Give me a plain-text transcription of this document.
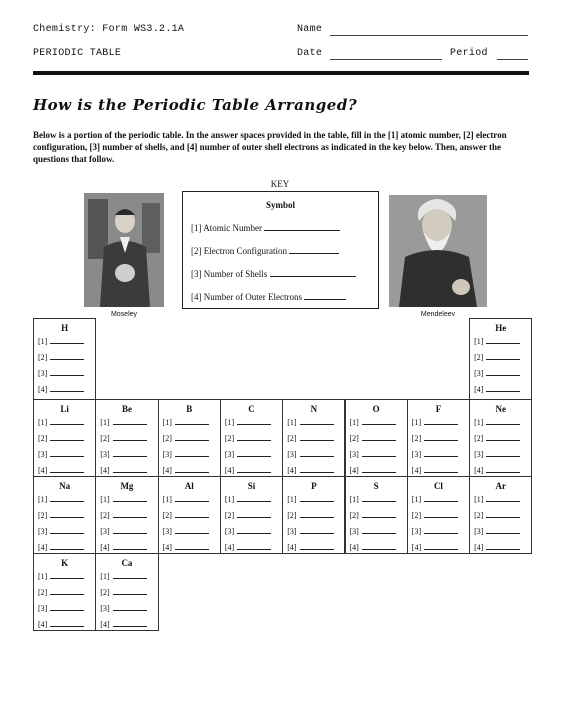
Chemistry: Form WS3.2.1A
PERIODIC TABLE
Name
Date	Period
How is the Periodic Table Arranged?
Below is a portion of the periodic table. In the answer spaces provided in the table, fill in the [1] atomic number, [2] electron configuration, [3] number of shells, and [4] number of outer shell electrons as indicated in the key below. Then, answer the questions that follow.
KEY
Symbol
[1] Atomic Number
[2] Electron Configuration
[3] Number of Shells
[4] Number of Outer Electrons
Moseley	Mendeleev
H
[1]
[2]
[3]
[4]
He
[1]
[2]
[3]
[4]
Li
[1]
[2]
[3]
[4]
Be
[1]
[2]
[3]
[4]
B
[1]
[2]
[3]
[4]
C
[1]
[2]
[3]
[4]
N
[1]
[2]
[3]
[4]
O
[1]
[2]
[3]
[4]
F
[1]
[2]
[3]
[4]
Ne
[1]
[2]
[3]
[4]
Na
[1]
[2]
[3]
[4]
Mg
[1]
[2]
[3]
[4]
Al
[1]
[2]
[3]
[4]
Si
[1]
[2]
[3]
[4]
P
[1]
[2]
[3]
[4]
S
[1]
[2]
[3]
[4]
Cl
[1]
[2]
[3]
[4]
Ar
[1]
[2]
[3]
[4]
K
[1]
[2]
[3]
[4]
Ca
[1]
[2]
[3]
[4]
